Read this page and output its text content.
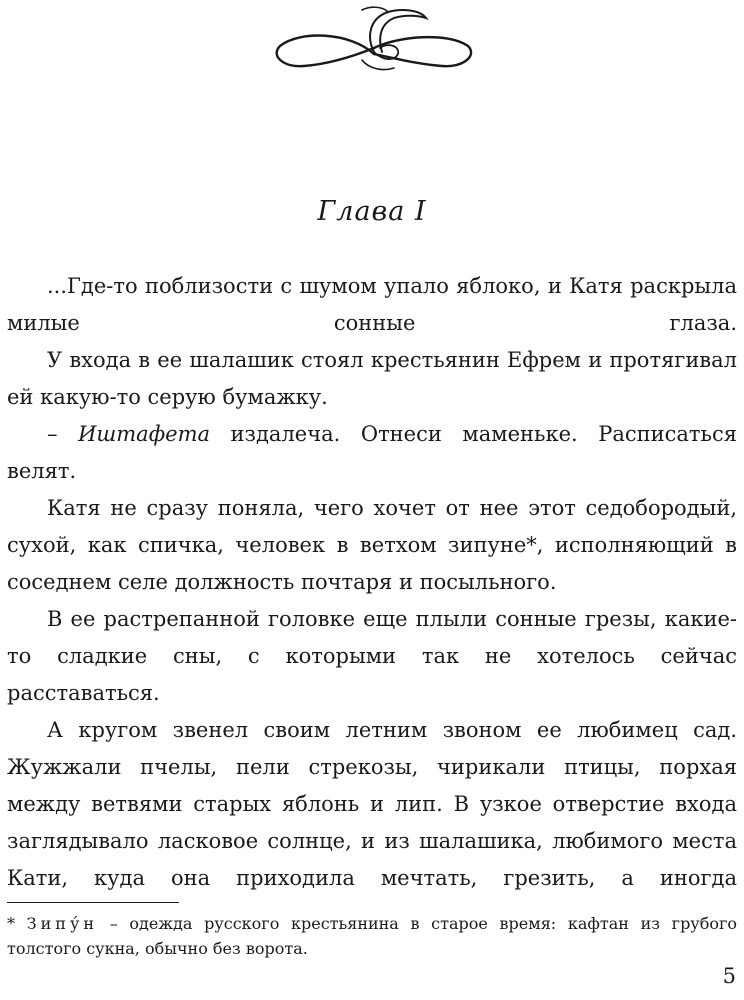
Глава I

...Где-то поблизости с шумом упало яблоко, и Катя раскрыла милые сонные глаза.

У входа в ее шалашик стоял крестьянин Ефрем и протягивал ей какую-то серую бумажку.

– Иштафета издалеча. Отнеси маменьке. Расписаться велят.

Катя не сразу поняла, чего хочет от нее этот седобородый, сухой, как спичка, человек в ветхом зипуне*, исполняющий в соседнем селе должность почтаря и посыльного.

В ее растрепанной головке еще плыли сонные грезы, какие-то сладкие сны, с которыми так не хотелось сейчас расставаться.

А кругом звенел своим летним звоном ее любимец сад. Жужжали пчелы, пели стрекозы, чирикали птицы, порхая между ветвями старых яблонь и лип. В узкое отверстие входа заглядывало ласковое солнце, и из шалашика, любимого места Кати, куда она приходила мечтать, грезить, а иногда

* Зипу́н – одежда русского крестьянина в старое время: кафтан из грубого толстого сукна, обычно без ворота.
5
